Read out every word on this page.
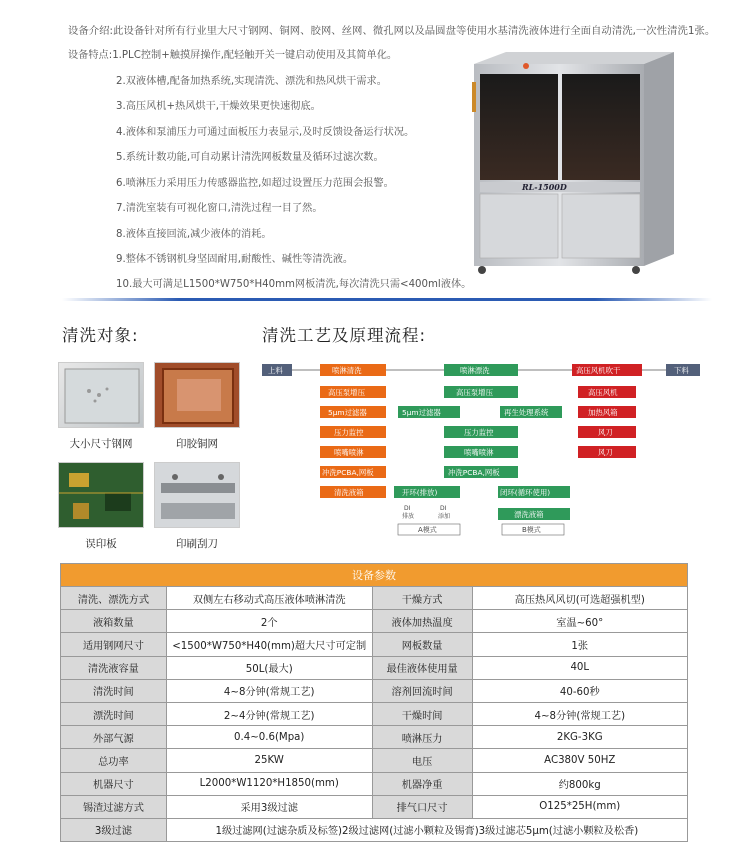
设备介绍:此设备针对所有行业里大尺寸钢网、铜网、胶网、丝网、微孔网以及晶圆盘等使用水基清洗液体进行全面自动清洗,一次性清洗1张。
设备特点:1.PLC控制+触摸屏操作,配轻触开关一键启动使用及其简单化。
2.双液体槽,配备加热系统,实现清洗、漂洗和热风烘干需求。
3.高压风机+热风烘干,干燥效果更快速彻底。
4.液体和泵浦压力可通过面板压力表显示,及时反馈设备运行状况。
5.系统计数功能,可自动累计清洗网板数量及循环过滤次数。
6.喷淋压力采用压力传感器监控,如超过设置压力范围会报警。
7.清洗室装有可视化窗口,清洗过程一目了然。
8.液体直接回流,减少液体的消耗。
9.整体不锈钢机身坚固耐用,耐酸性、碱性等清洗液。
10.最大可满足L1500*W750*H40mm网板清洗,每次清洗只需<400ml液体。
RL-1500D
清洗对象:	清洗工艺及原理流程:
大小尺寸钢网	印胶铜网
误印板	印刷刮刀
上料	喷淋清洗
高压泵增压
5μm过滤器
压力监控
喷嘴喷淋
冲洗PCBA,网板
清洗液箱
喷淋漂洗
高压泵增压
5μm过滤器	再生处理系统
压力监控
喷嘴喷淋
冲洗PCBA,网板
开环(排放)	闭环(循环使用)
漂洗液箱
DI
排放
DI
添加
A模式	B模式
高压风机吹干
高压风机
加热风箱
风刀
风刀
下料
设备参数			
清洗、漂洗方式	双侧左右移动式高压液体喷淋清洗	干燥方式	高压热风风切(可选超强机型)
液箱数量	2个	液体加热温度	室温~60°
适用钢网尺寸	<1500*W750*H40(mm)超大尺寸可定制	网板数量	1张
清洗液容量	50L(最大)	最佳液体使用量	40L
清洗时间	4~8分钟(常规工艺)	溶剂回流时间	40-60秒
漂洗时间	2~4分钟(常规工艺)	干燥时间	4~8分钟(常规工艺)
外部气源	0.4~0.6(Mpa)	喷淋压力	2KG-3KG
总功率	25KW	电压	AC380V 50HZ
机器尺寸	L2000*W1120*H1850(mm)	机器净重	约800kg
锡渣过滤方式	采用3级过滤	排气口尺寸	O125*25H(mm)
3级过滤	1级过滤网(过滤杂质及标签)2级过滤网(过滤小颗粒及锡膏)3级过滤芯5μm(过滤小颗粒及松香)		
